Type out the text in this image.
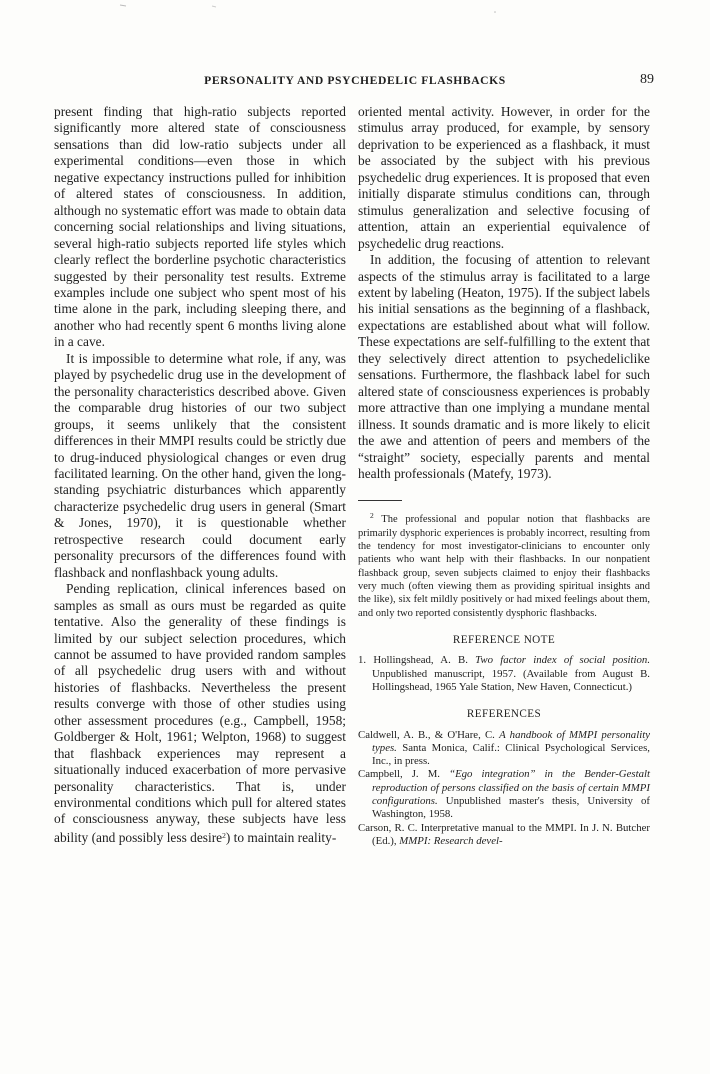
PERSONALITY AND PSYCHEDELIC FLASHBACKS	89

present finding that high-ratio subjects reported significantly more altered state of consciousness sensations than did low-ratio subjects under all experimental conditions—even those in which negative expectancy instructions pulled for inhibition of altered states of consciousness. In addition, although no systematic effort was made to obtain data concerning social relationships and living situations, several high-ratio subjects reported life styles which clearly reflect the borderline psychotic characteristics suggested by their personality test results. Extreme examples include one subject who spent most of his time alone in the park, including sleeping there, and another who had recently spent 6 months living alone in a cave.

It is impossible to determine what role, if any, was played by psychedelic drug use in the development of the personality characteristics described above. Given the comparable drug histories of our two subject groups, it seems unlikely that the consistent differences in their MMPI results could be strictly due to drug-induced physiological changes or even drug facilitated learning. On the other hand, given the long-standing psychiatric disturbances which apparently characterize psychedelic drug users in general (Smart & Jones, 1970), it is questionable whether retrospective research could document early personality precursors of the differences found with flashback and nonflashback young adults.

Pending replication, clinical inferences based on samples as small as ours must be regarded as quite tentative. Also the generality of these findings is limited by our subject selection procedures, which cannot be assumed to have provided random samples of all psychedelic drug users with and without histories of flashbacks. Nevertheless the present results converge with those of other studies using other assessment procedures (e.g., Campbell, 1958; Goldberger & Holt, 1961; Welpton, 1968) to suggest that flashback experiences may represent a situationally induced exacerbation of more pervasive personality characteristics. That is, under environmental conditions which pull for altered states of consciousness anyway, these subjects have less ability (and possibly less desire$^2$) to maintain reality-

oriented mental activity. However, in order for the stimulus array produced, for example, by sensory deprivation to be experienced as a flashback, it must be associated by the subject with his previous psychedelic drug experiences. It is proposed that even initially disparate stimulus conditions can, through stimulus generalization and selective focusing of attention, attain an experiential equivalence of psychedelic drug reactions.

In addition, the focusing of attention to relevant aspects of the stimulus array is facilitated to a large extent by labeling (Heaton, 1975). If the subject labels his initial sensations as the beginning of a flashback, expectations are established about what will follow. These expectations are self-fulfilling to the extent that they selectively direct attention to psychedeliclike sensations. Furthermore, the flashback label for such altered state of consciousness experiences is probably more attractive than one implying a mundane mental illness. It sounds dramatic and is more likely to elicit the awe and attention of peers and members of the “straight” society, especially parents and mental health professionals (Matefy, 1973).

$^2$ The professional and popular notion that flashbacks are primarily dysphoric experiences is probably incorrect, resulting from the tendency for most investigator-clinicians to encounter only patients who want help with their flashbacks. In our nonpatient flashback group, seven subjects claimed to enjoy their flashbacks very much (often viewing them as providing spiritual insights and the like), six felt mildly positively or had mixed feelings about them, and only two reported consistently dysphoric flashbacks.
REFERENCE NOTE
1. Hollingshead, A. B. Two factor index of social position. Unpublished manuscript, 1957. (Available from August B. Hollingshead, 1965 Yale Station, New Haven, Connecticut.)
REFERENCES
Caldwell, A. B., & O'Hare, C. A handbook of MMPI personality types. Santa Monica, Calif.: Clinical Psychological Services, Inc., in press.
Campbell, J. M. “Ego integration” in the Bender-Gestalt reproduction of persons classified on the basis of certain MMPI configurations. Unpublished master's thesis, University of Washington, 1958.
Carson, R. C. Interpretative manual to the MMPI. In J. N. Butcher (Ed.), MMPI: Research devel-
